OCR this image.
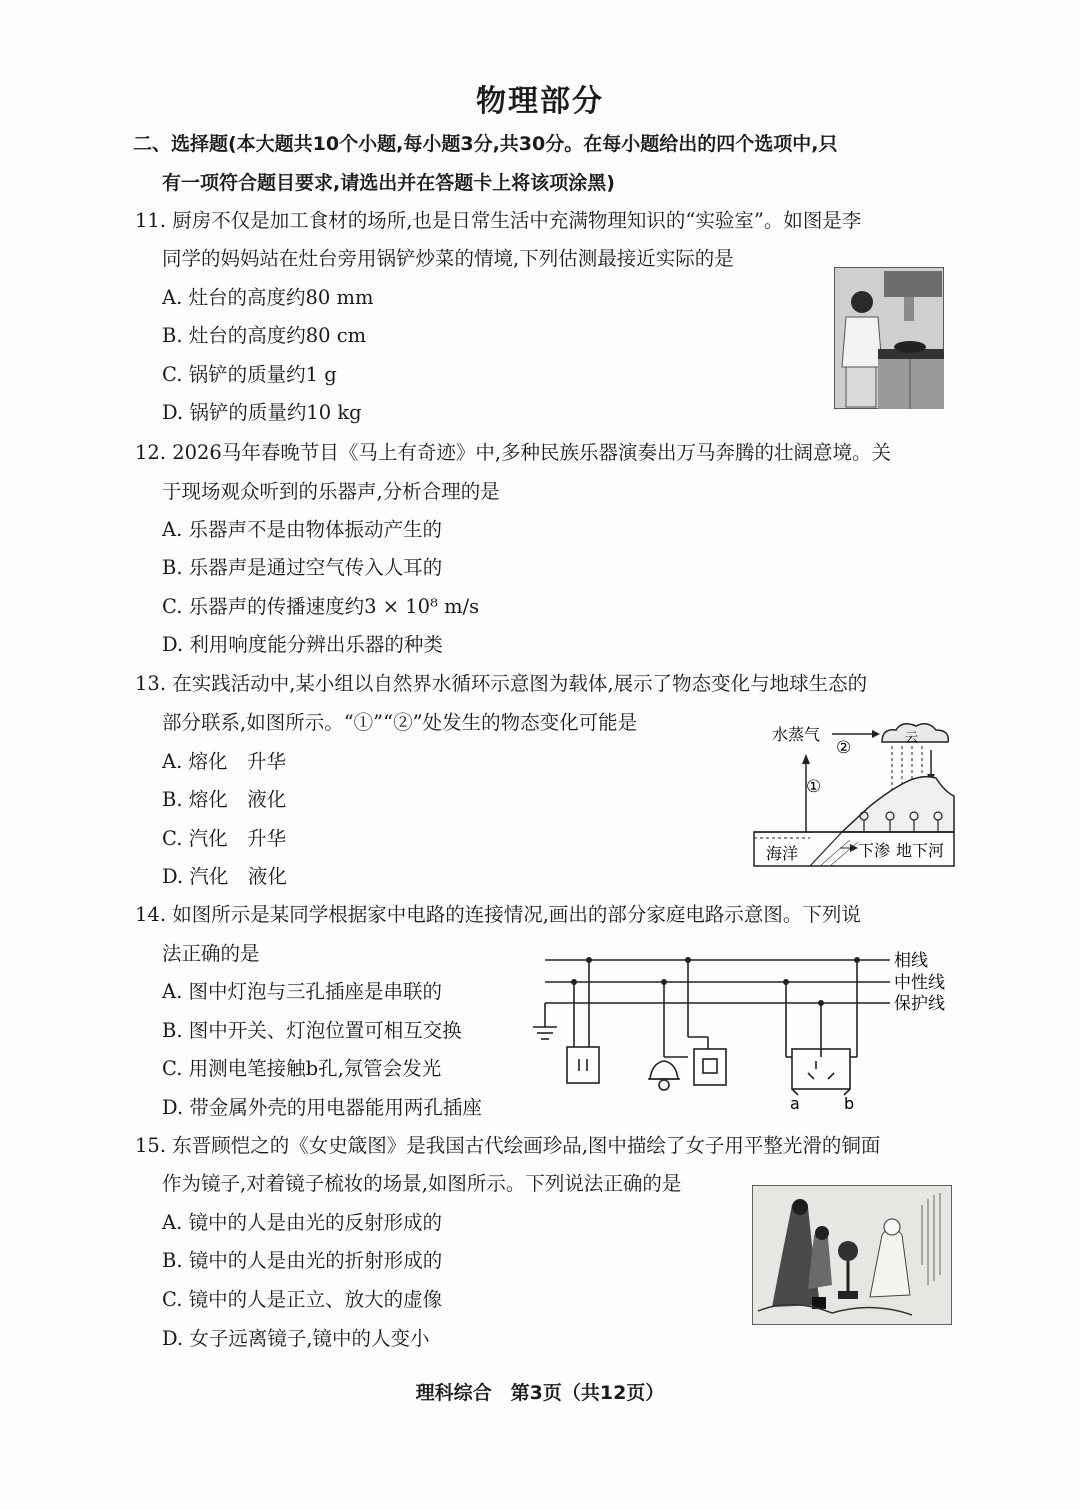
物理部分
二、选择题(本大题共10个小题,每小题3分,共30分。在每小题给出的四个选项中,只
有一项符合题目要求,请选出并在答题卡上将该项涂黑)
11. 厨房不仅是加工食材的场所,也是日常生活中充满物理知识的“实验室”。如图是李
同学的妈妈站在灶台旁用锅铲炒菜的情境,下列估测最接近实际的是
A. 灶台的高度约80 mm
B. 灶台的高度约80 cm
C. 锅铲的质量约1 g
D. 锅铲的质量约10 kg
12. 2026马年春晚节目《马上有奇迹》中,多种民族乐器演奏出万马奔腾的壮阔意境。关
于现场观众听到的乐器声,分析合理的是
A. 乐器声不是由物体振动产生的
B. 乐器声是通过空气传入人耳的
C. 乐器声的传播速度约3 × 10⁸ m/s
D. 利用响度能分辨出乐器的种类
13. 在实践活动中,某小组以自然界水循环示意图为载体,展示了物态变化与地球生态的
部分联系,如图所示。“①”“②”处发生的物态变化可能是
A. 熔化　升华
B. 熔化　液化
C. 汽化　升华
D. 汽化　液化
水蒸气
②	云
①
海洋	下渗 地下河
14. 如图所示是某同学根据家中电路的连接情况,画出的部分家庭电路示意图。下列说
法正确的是
A. 图中灯泡与三孔插座是串联的
B. 图中开关、灯泡位置可相互交换
C. 用测电笔接触b孔,氖管会发光
D. 带金属外壳的用电器能用两孔插座
相线
中性线
保护线
a	b
15. 东晋顾恺之的《女史箴图》是我国古代绘画珍品,图中描绘了女子用平整光滑的铜面
作为镜子,对着镜子梳妆的场景,如图所示。下列说法正确的是
A. 镜中的人是由光的反射形成的
B. 镜中的人是由光的折射形成的
C. 镜中的人是正立、放大的虚像
D. 女子远离镜子,镜中的人变小
理科综合　第3页（共12页）
